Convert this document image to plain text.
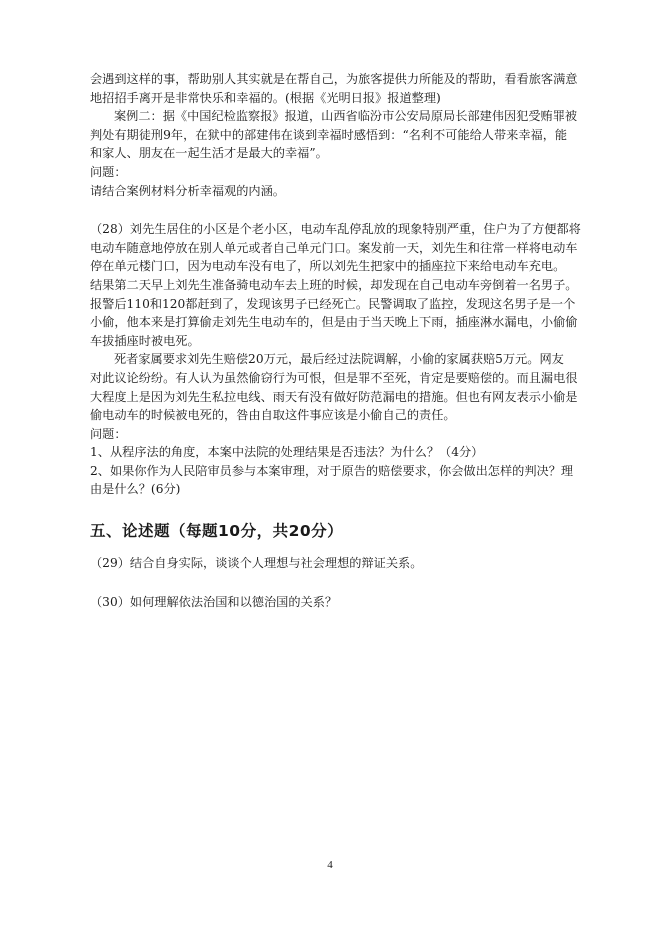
会遇到这样的事，帮助别人其实就是在帮自己，为旅客提供力所能及的帮助，看看旅客满意

地招招手离开是非常快乐和幸福的。(根据《光明日报》报道整理)

案例二：据《中国纪检监察报》报道，山西省临汾市公安局原局长部建伟因犯受贿罪被

判处有期徒刑9年，在狱中的部建伟在谈到幸福时感悟到：“名利不可能给人带来幸福，能

和家人、朋友在一起生活才是最大的幸福”。

问题：

请结合案例材料分析幸福观的内涵。

（28）刘先生居住的小区是个老小区，电动车乱停乱放的现象特别严重，住户为了方便都将

电动车随意地停放在别人单元或者自己单元门口。案发前一天，刘先生和往常一样将电动车

停在单元楼门口，因为电动车没有电了，所以刘先生把家中的插座拉下来给电动车充电。

结果第二天早上刘先生准备骑电动车去上班的时候，却发现在自己电动车旁倒着一名男子。

报警后110和120都赶到了，发现该男子已经死亡。民警调取了监控，发现这名男子是一个

小偷，他本来是打算偷走刘先生电动车的，但是由于当天晚上下雨，插座淋水漏电，小偷偷

车拔插座时被电死。

死者家属要求刘先生赔偿20万元，最后经过法院调解，小偷的家属获赔5万元。网友

对此议论纷纷。有人认为虽然偷窃行为可恨，但是罪不至死，肯定是要赔偿的。而且漏电很

大程度上是因为刘先生私拉电线、雨天有没有做好防范漏电的措施。但也有网友表示小偷是

偷电动车的时候被电死的，咎由自取这件事应该是小偷自己的责任。

问题：

1、从程序法的角度，本案中法院的处理结果是否违法？为什么？（4分）

2、如果你作为人民陪审员参与本案审理，对于原告的赔偿要求，你会做出怎样的判决？理

由是什么？(6分)

五、论述题（每题10分，共20分）

（29）结合自身实际，谈谈个人理想与社会理想的辩证关系。

（30）如何理解依法治国和以德治国的关系？

4
